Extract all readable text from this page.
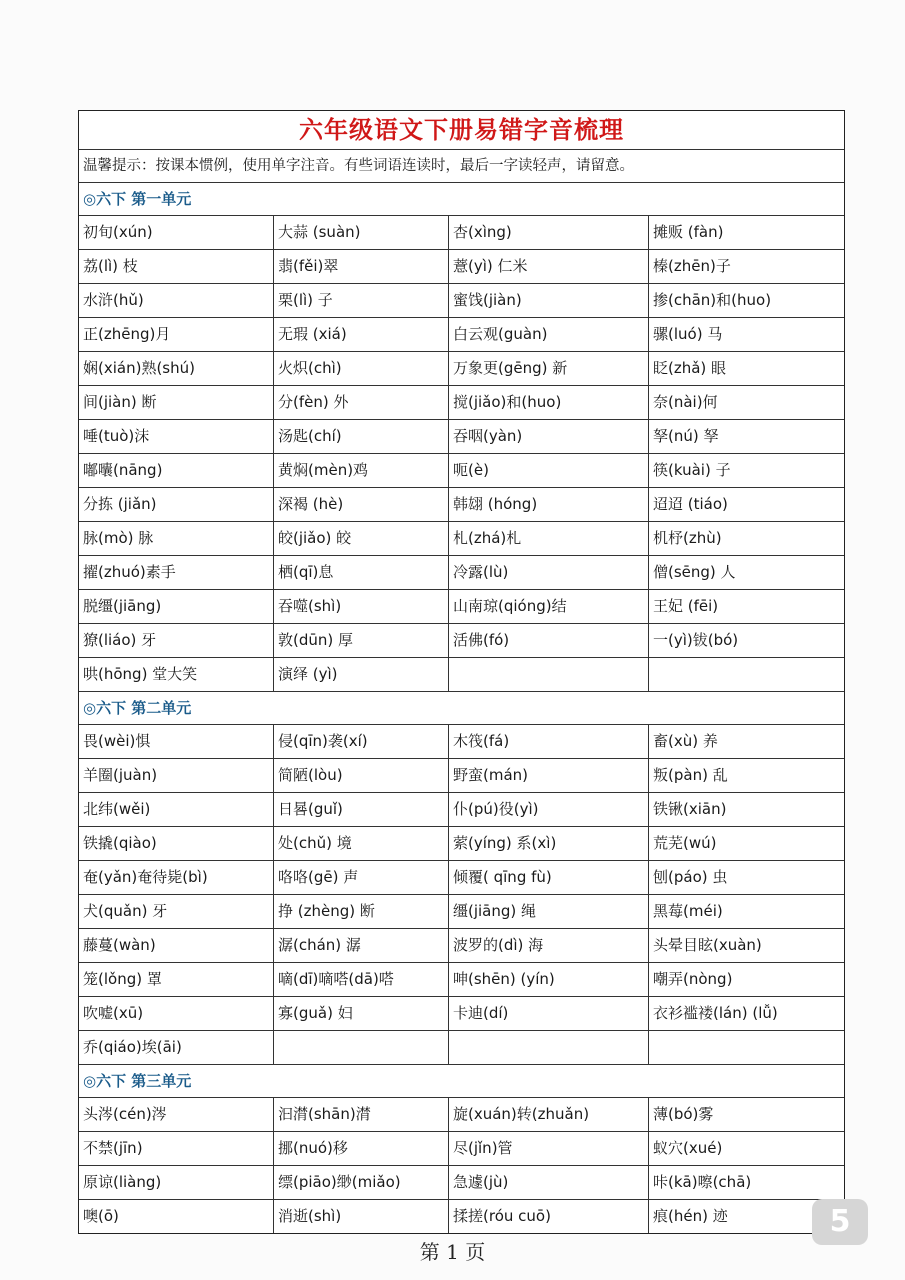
六年级语文下册易错字音梳理
温馨提示：按课本惯例，使用单字注音。有些词语连读时，最后一字读轻声，请留意。
◎六下 第一单元
初旬(xún)	大蒜 (suàn)	杏(xìng)	摊贩 (fàn)
荔(lì) 枝	翡(fěi)翠	薏(yì) 仁米	榛(zhēn)子
水浒(hǔ)	栗(lì) 子	蜜饯(jiàn)	掺(chān)和(huo)
正(zhēng)月	无瑕 (xiá)	白云观(guàn)	骡(luó) 马
娴(xián)熟(shú)	火炽(chì)	万象更(gēng) 新	眨(zhǎ) 眼
间(jiàn) 断	分(fèn) 外	搅(jiǎo)和(huo)	奈(nài)何
唾(tuò)沫	汤匙(chí)	吞咽(yàn)	孥(nú) 孥
嘟囔(nāng)	黄焖(mèn)鸡	呃(è)	筷(kuài) 子
分拣 (jiǎn)	深褐 (hè)	韩翃 (hóng)	迢迢 (tiáo)
脉(mò) 脉	皎(jiǎo) 皎	札(zhá)札	机杼(zhù)
擢(zhuó)素手	栖(qī)息	冷露(lù)	僧(sēng) 人
脱缰(jiāng)	吞噬(shì)	山南琼(qióng)结	王妃 (fēi)
獠(liáo) 牙	敦(dūn) 厚	活佛(fó)	一(yì)钹(bó)
哄(hōng) 堂大笑	演绎 (yì)
◎六下 第二单元
畏(wèi)惧	侵(qīn)袭(xí)	木筏(fá)	畜(xù) 养
羊圈(juàn)	简陋(lòu)	野蛮(mán)	叛(pàn) 乱
北纬(wěi)	日晷(guǐ)	仆(pú)役(yì)	铁锹(xiān)
铁撬(qiào)	处(chǔ) 境	萦(yíng) 系(xì)	荒芜(wú)
奄(yǎn)奄待毙(bì)	咯咯(gē) 声	倾覆( qīng fù)	刨(páo) 虫
犬(quǎn) 牙	挣 (zhèng) 断	缰(jiāng) 绳	黑莓(méi)
藤蔓(wàn)	潺(chán) 潺	波罗的(dì) 海	头晕目眩(xuàn)
笼(lǒng) 罩	嘀(dī)嘀嗒(dā)嗒	呻(shēn) (yín)	嘲弄(nòng)
吹嘘(xū)	寡(guǎ) 妇	卡迪(dí)	衣衫褴褛(lán) (lǚ)
乔(qiáo)埃(āi)
◎六下 第三单元
头涔(cén)涔	汩潸(shān)潸	旋(xuán)转(zhuǎn)	薄(bó)雾
不禁(jīn)	挪(nuó)移	尽(jǐn)管	蚁穴(xué)
原谅(liàng)	缥(piāo)缈(miǎo)	急遽(jù)	咔(kā)嚓(chā)
噢(ō)	消逝(shì)	揉搓(róu cuō)	痕(hén) 迹
第 1 页
5
